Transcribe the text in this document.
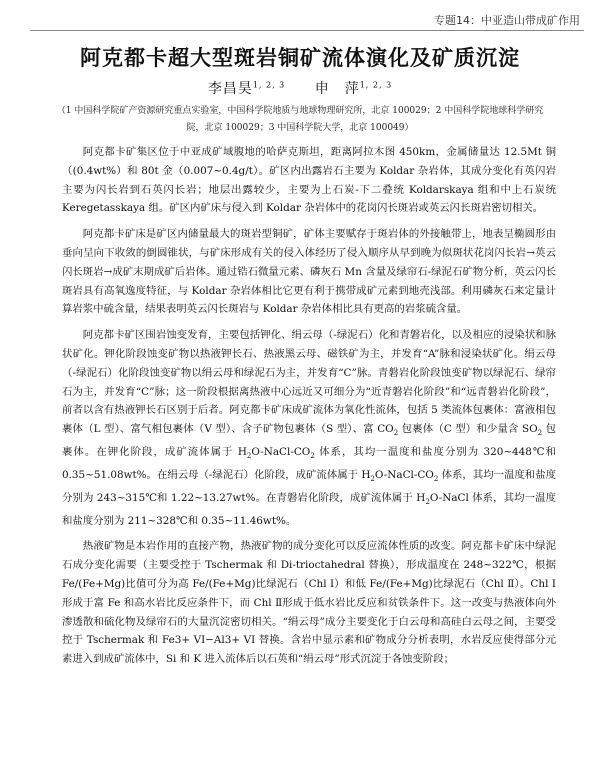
专题14：中亚造山带成矿作用
阿克都卡超大型斑岩铜矿流体演化及矿质沉淀
李昌昊$^{1, 2, 3}$ 申　萍$^{1, 2, 3}$
（1 中国科学院矿产资源研究重点实验室，中国科学院地质与地球物理研究所，北京 100029；2 中国科学院地球科学研究院，北京 100029；3 中国科学院大学，北京 100049）

阿克都卡矿集区位于中亚成矿域腹地的哈萨克斯坦，距离阿拉木图 450km，金属储量达 12.5Mt 铜（(0.4wt%）和 80t 金（0.007~0.4g/t）。矿区内出露岩石主要为 Koldar 杂岩体，其成分变化有英闪岩主要为闪长岩到石英闪长岩；地层出露较少，主要为上石炭-下二叠统 Koldarskaya 组和中上石炭统 Keregetasskaya 组。矿区内矿床与侵入到 Koldar 杂岩体中的花岗闪长斑岩或英云闪长斑岩密切相关。

阿克都卡矿床是矿区内储量最大的斑岩型铜矿，矿体主要赋存于斑岩体的外接触带上，地表呈椭圆形由垂向呈向下收敛的倒圆锥状，与矿床形成有关的侵入体经历了侵入顺序从早到晚为似斑状花岗闪长岩→英云闪长斑岩→成矿末期成矿后岩体。通过锆石微量元素、磷灰石 Mn 含量及绿帘石-绿泥石矿物分析，英云闪长斑岩具有高氧逸度特征，与 Koldar 杂岩体相比它更有利于携带成矿元素到地壳浅部。利用磷灰石来定量计算岩浆中硫含量，结果表明英云闪长斑岩与 Koldar 杂岩体相比具有更高的岩浆硫含量。

阿克都卡矿区围岩蚀变发育，主要包括钾化、绢云母（-绿泥石）化和青磐岩化，以及相应的浸染状和脉状矿化。钾化阶段蚀变矿物以热液钾长石、热液黑云母、磁铁矿为主，并发育“A”脉和浸染状矿化。绢云母（-绿泥石）化阶段蚀变矿物以绢云母和绿泥石为主，并发育“C”脉。青磐岩化阶段蚀变矿物以绿泥石、绿帘石为主，并发育“C”脉；这一阶段根据离热液中心远近又可细分为“近青磐岩化阶段”和“远青磐岩化阶段”，前者以含有热液钾长石区别于后者。阿克都卡矿床成矿流体为氧化性流体，包括 5 类流体包裹体：富液相包裹体（L 型）、富气相包裹体（V 型）、含子矿物包裹体（S 型）、富 $CO_2$ 包裹体（C 型）和少量含 $SO_2$ 包裹体。在钾化阶段，成矿流体属于 $H_2O-NaCl-CO_2$ 体系，其均一温度和盐度分别为 320~448℃和 0.35~51.08wt%。在绢云母（-绿泥石）化阶段，成矿流体属于 $H_2O-NaCl-CO_2$ 体系，其均一温度和盐度分别为 243~315℃和 1.22~13.27wt%。在青磐岩化阶段，成矿流体属于 $H_2O$-NaCl 体系，其均一温度和盐度分别为 211~328℃和 0.35~11.46wt%。

热液矿物是本岩作用的直接产物，热液矿物的成分变化可以反应流体性质的改变。阿克都卡矿床中绿泥石成分变化需要（主要受控于 Tschermak 和 Di-trioctahedral 替换），形成温度在 248~322℃，根据 Fe/(Fe+Mg)比值可分为高 Fe/(Fe+Mg)比绿泥石（Chl Ⅰ）和低 Fe/(Fe+Mg)比绿泥石（Chl Ⅱ）。Chl Ⅰ形成于富 Fe 和高水岩比反应条件下，而 Chl Ⅱ形成于低水岩比反应和贫铁条件下。这一改变与热液体向外渗透散和硫化物及绿帘石的大量沉淀密切相关。“绢云母”成分主要变化于白云母和高硅白云母之间，主要受控于 Tschermak 和 Fe3+ VI−Al3+ VI 替换。含岩中显示素和矿物成分分析表明，水岩反应使得部分元素进入到成矿流体中，Si 和 K 进入流体后以石英和“绢云母”形式沉淀于各蚀变阶段；
